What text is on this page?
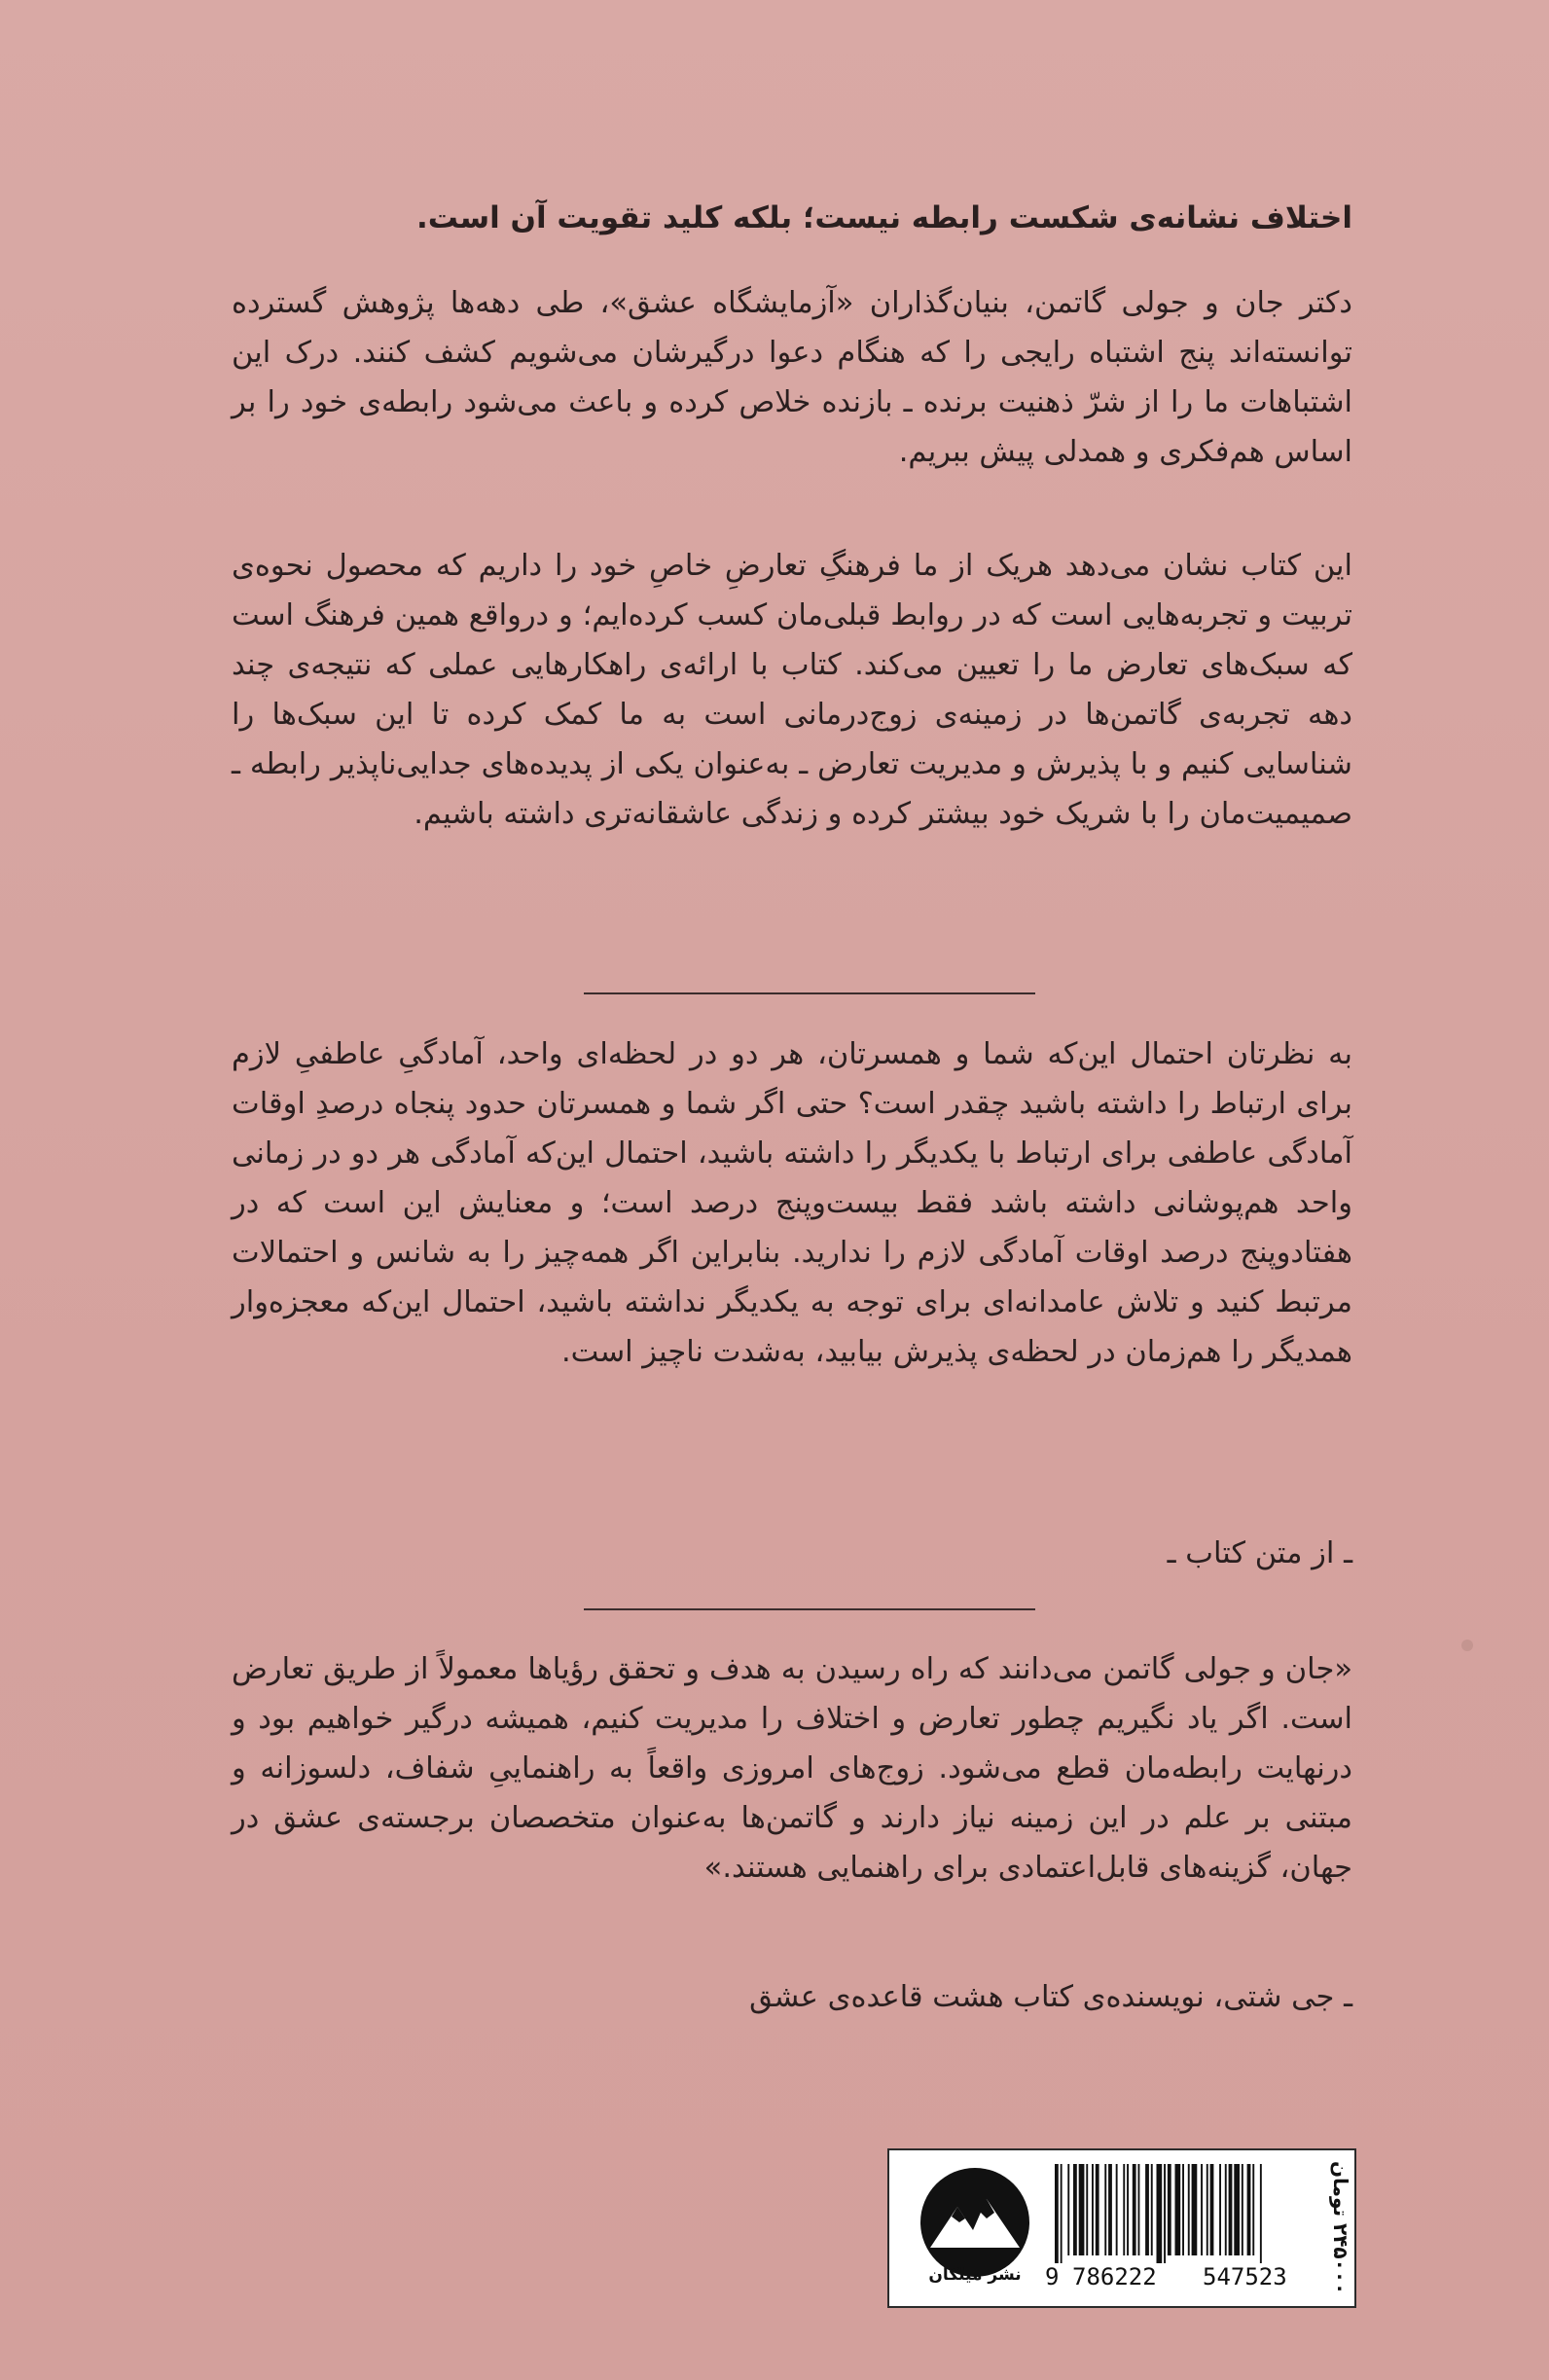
اختلاف نشانه‌ی شکست رابطه نیست؛ بلکه کلید تقویت آن است.

دکتر جان و جولی گاتمن، بنیان‌گذاران «آزمایشگاه عشق»، طی دهه‌ها پژوهش گسترده توانسته‌اند پنج اشتباه رایجی را که هنگام دعوا درگیرشان می‌شویم کشف کنند. درک این اشتباهات ما را از شرّ ذهنیت برنده ـ بازنده خلاص کرده و باعث می‌شود رابطه‌ی خود را بر اساس هم‌فکری و همدلی پیش ببریم.

این کتاب نشان می‌دهد هریک از ما فرهنگِ تعارضِ خاصِ خود را داریم که محصول نحوه‌ی تربیت و تجربه‌هایی است که در روابط قبلی‌مان کسب کرده‌ایم؛ و درواقع همین فرهنگ است که سبک‌های تعارض ما را تعیین می‌کند. کتاب با ارائه‌ی راهکارهایی عملی که نتیجه‌ی چند دهه تجربه‌ی گاتمن‌ها در زمینه‌ی زوج‌درمانی است به ما کمک کرده تا این سبک‌ها را شناسایی کنیم و با پذیرش و مدیریت تعارض ـ به‌عنوان یکی از پدیده‌های جدایی‌ناپذیر رابطه ـ صمیمیت‌مان را با شریک خود بیشتر کرده و زندگی عاشقانه‌تری داشته باشیم.

به نظرتان احتمال این‌که شما و همسرتان، هر دو در لحظه‌ای واحد، آمادگیِ عاطفیِ لازم برای ارتباط را داشته باشید چقدر است؟ حتی اگر شما و همسرتان حدود پنجاه درصدِ اوقات آمادگی عاطفی برای ارتباط با یکدیگر را داشته باشید، احتمال این‌که آمادگی هر دو در زمانی واحد هم‌پوشانی داشته باشد فقط بیست‌وپنج درصد است؛ و معنایش این است که در هفتادوپنج درصد اوقات آمادگی لازم را ندارید. بنابراین اگر همه‌چیز را به شانس و احتمالات مرتبط کنید و تلاش عامدانه‌ای برای توجه به یکدیگر نداشته باشید، احتمال این‌که معجزه‌وار همدیگر را هم‌زمان در لحظه‌ی پذیرش بیابید، به‌شدت ناچیز است.

ـ از متن کتاب ـ

«جان و جولی گاتمن می‌دانند که راه رسیدن به هدف و تحقق رؤیاها معمولاً از طریق تعارض است. اگر یاد نگیریم چطور تعارض و اختلاف را مدیریت کنیم، همیشه درگیر خواهیم بود و درنهایت رابطه‌مان قطع می‌شود. زوج‌های امروزی واقعاً به راهنماییِ شفاف، دلسوزانه و مبتنی بر علم در این زمینه نیاز دارند و گاتمن‌ها به‌عنوان متخصصان برجسته‌ی عشق در جهان، گزینه‌های قابل‌اعتمادی برای راهنمایی هستند.»

ـ جی شتی، نویسنده‌ی کتاب هشت قاعده‌ی عشق
نشر میلکان	9 786222 547523
۲۴۵۰۰۰ تومان
